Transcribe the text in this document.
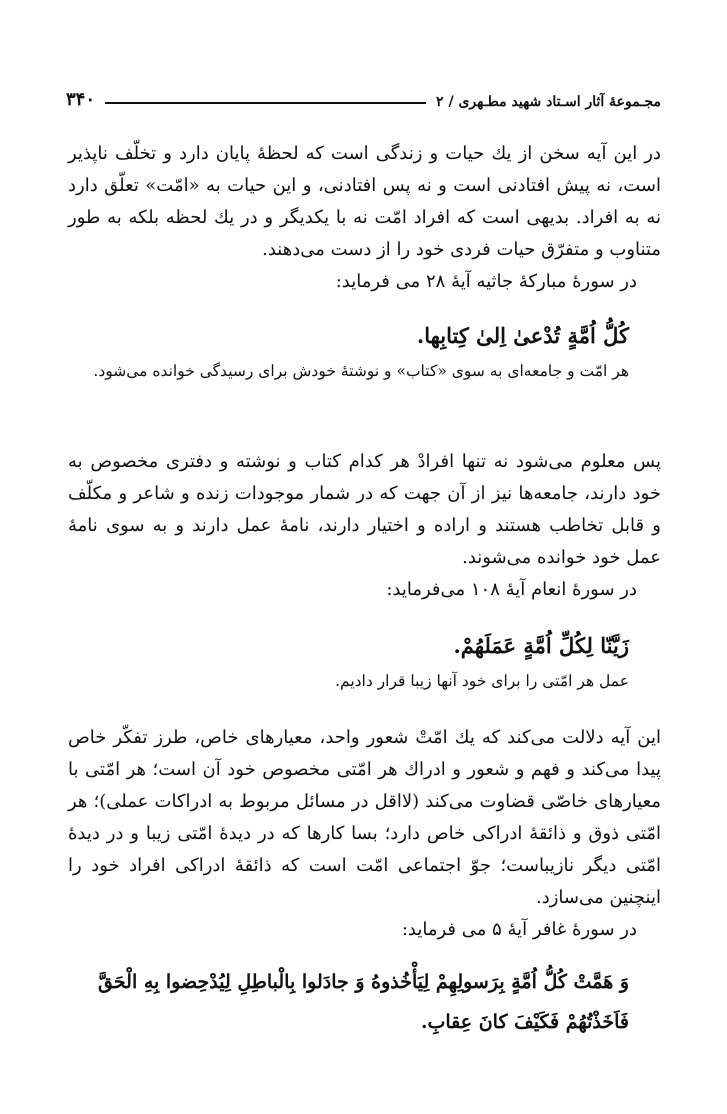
۳۴۰	مجـموعهٔ آثار اسـتاد شهید مطـهری / ۲

در این آیه سخن از یك حیات و زندگی است که لحظهٔ پایان دارد و تخلّف ناپذیر است، نه پیش افتادنی است و نه پس افتادنی، و این حیات به «امّت» تعلّق دارد نه به افراد. بدیهی است که افراد امّت نه با یکدیگر و در یك لحظه بلکه به طور متناوب و متفرّق حیات فردی خود را از دست می‌دهند.

در سورهٔ مبارکهٔ جاثیه آیهٔ ۲۸ می فرماید:

كُلُّ اُمَّةٍ تُدْعىٰ اِلىٰ كِتابِها.

هر امّت و جامعه‌ای به سوی «کتاب» و نوشتهٔ خودش برای رسیدگی خوانده می‌شود.

پس معلوم می‌شود نه تنها افرادْ هر کدام کتاب و نوشته و دفتری مخصوص به خود دارند، جامعه‌ها نیز از آن جهت که در شمار موجودات زنده و شاعر و مکلّف و قابل تخاطب هستند و اراده و اختیار دارند، نامهٔ عمل دارند و به سوی نامهٔ عمل خود خوانده می‌شوند.

در سورهٔ انعام آیهٔ ۱۰۸ می‌فرماید:

زَيَّنّا لِكُلِّ اُمَّةٍ عَمَلَهُمْ.

عمل هر امّتی را برای خود آنها زیبا قرار دادیم.

این آیه دلالت می‌کند که یك امّتْ شعور واحد، معیارهای خاص، طرز تفکّر خاص پیدا می‌کند و فهم و شعور و ادراك هر امّتی مخصوص خود آن است؛ هر امّتی با معیارهای خاصّی قضاوت می‌کند (لااقل در مسائل مربوط به ادراکات عملی)؛ هر امّتی ذوق و ذائقهٔ ادراکی خاص دارد؛ بسا کارها که در دیدهٔ امّتی زیبا و در دیدهٔ امّتی دیگر نازیباست؛ جوّ اجتماعی امّت است که ذائقهٔ ادراکی افراد خود را اینچنین می‌سازد.

در سورهٔ غافر آیهٔ ۵ می فرماید:

وَ هَمَّتْ كُلُّ اُمَّةٍ بِرَسولِهِمْ لِيَأْخُذوهُ وَ جادَلوا بِالْباطِلِ لِيُدْحِضوا بِهِ الْحَقَّ فَاَخَذْتُهُمْ فَكَيْفَ كانَ عِقابِ.
